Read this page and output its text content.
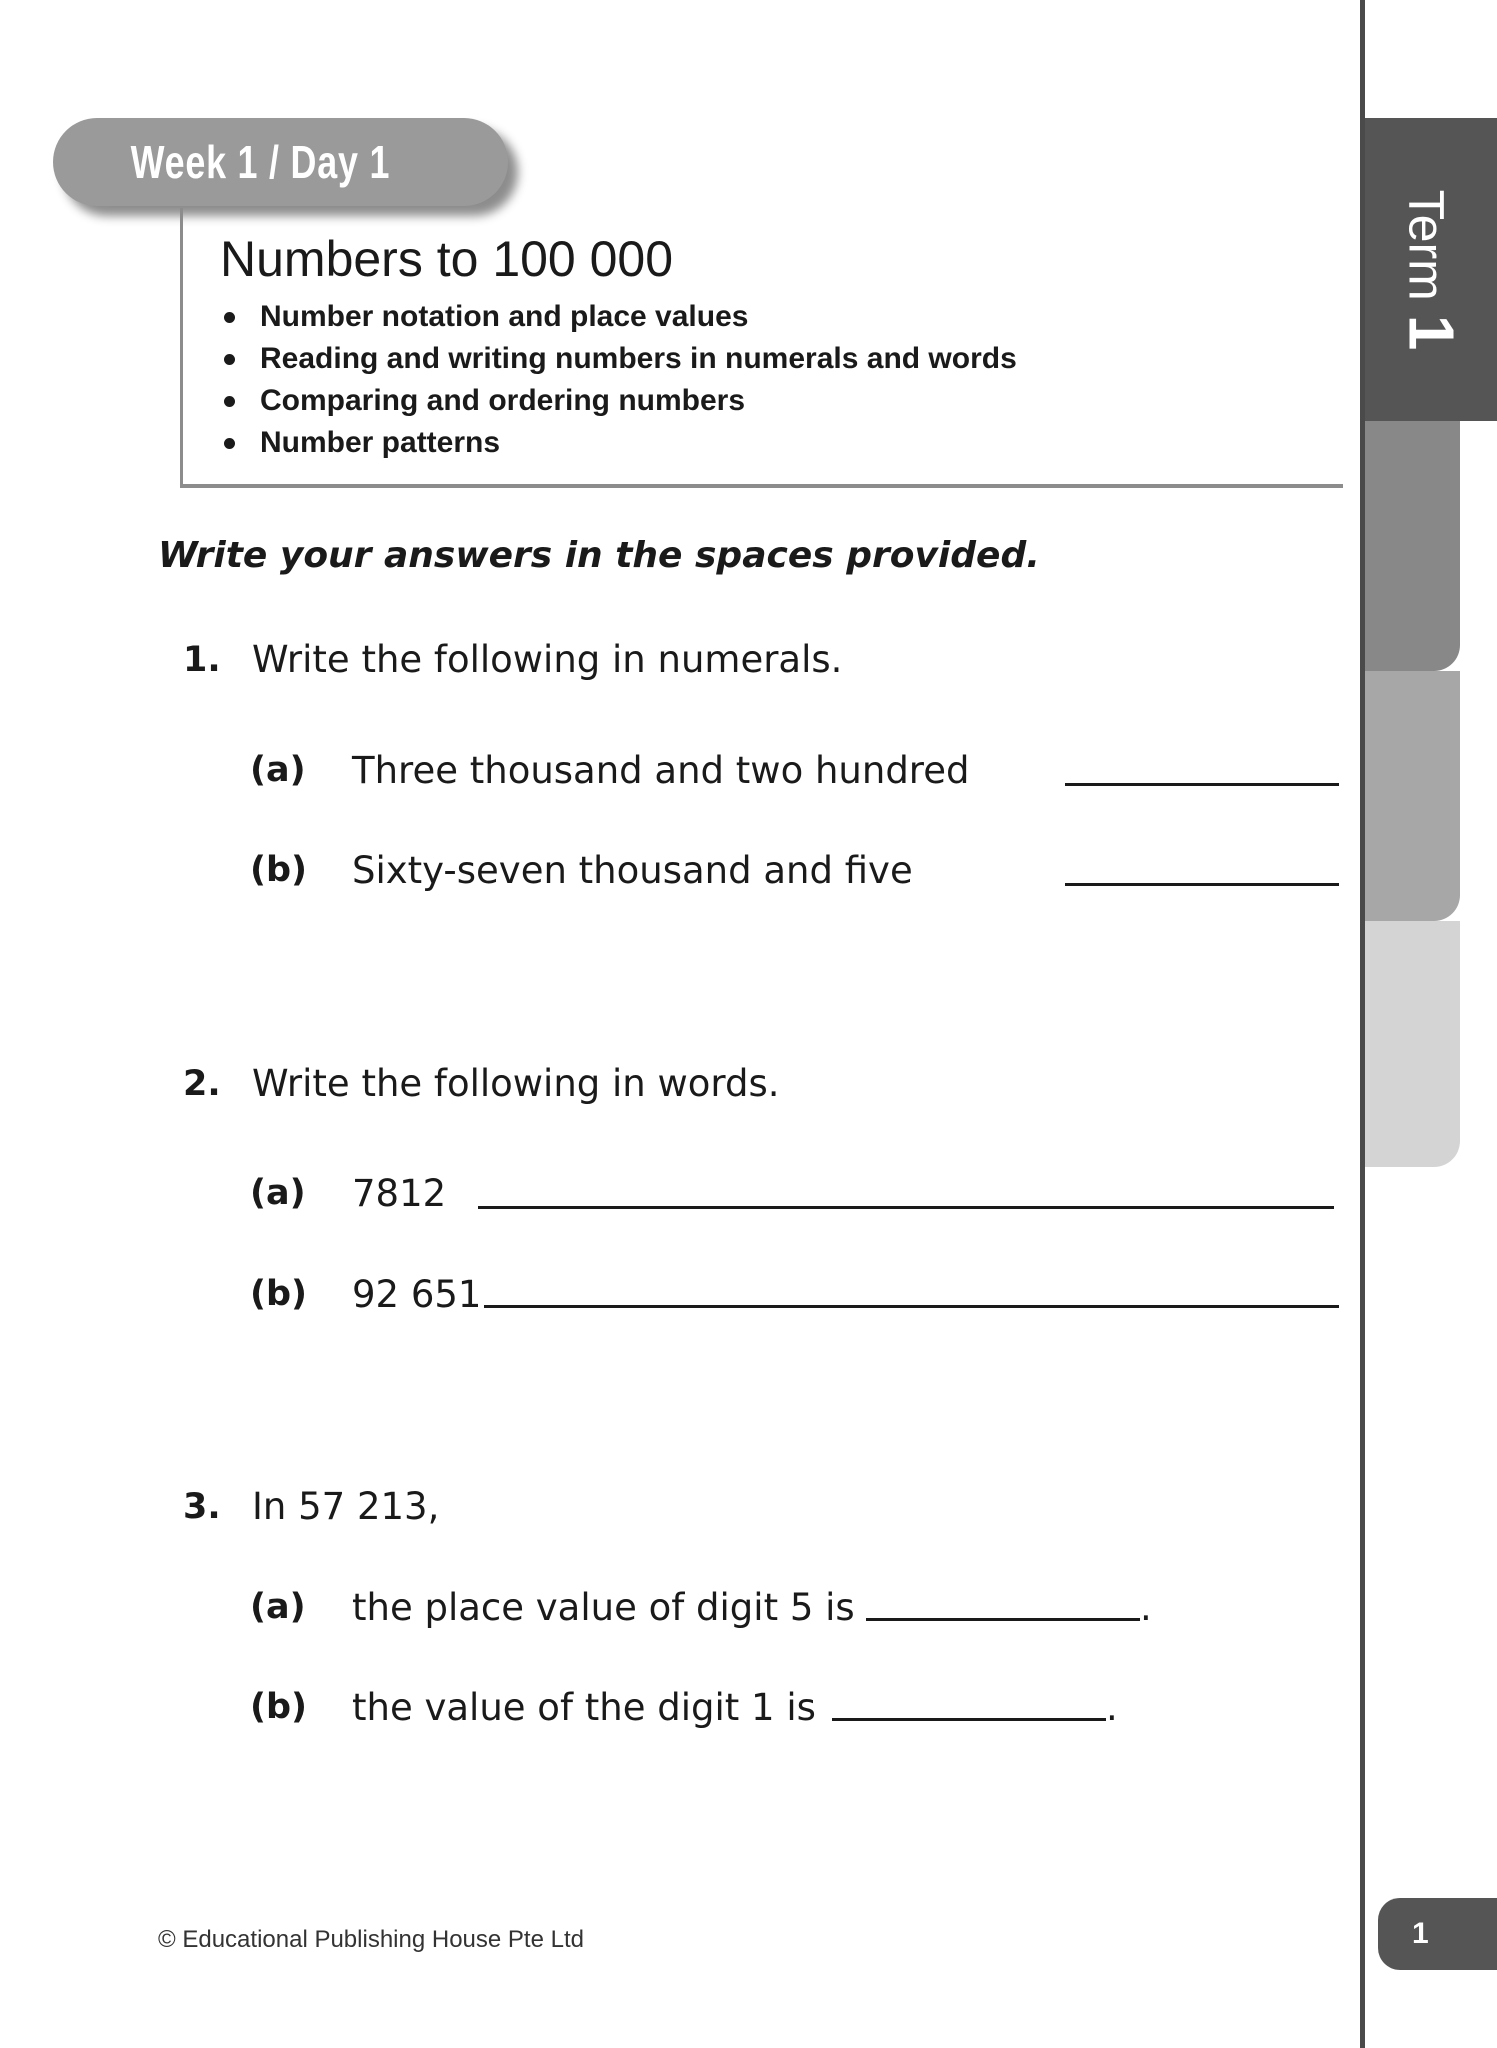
Term
1
Week 1 / Day 1
Numbers to 100 000
Number notation and place values
Reading and writing numbers in numerals and words
Comparing and ordering numbers
Number patterns

Write your answers in the spaces provided.

1. Write the following in numerals.
(a) Three thousand and two hundred
(b) Sixty-seven thousand and five
2. Write the following in words.
(a) 7812
(b) 92 651
3. In 57 213,
(a) the place value of digit 5 is	.
(b) the value of the digit 1 is	.
© Educational Publishing House Pte Ltd	1
